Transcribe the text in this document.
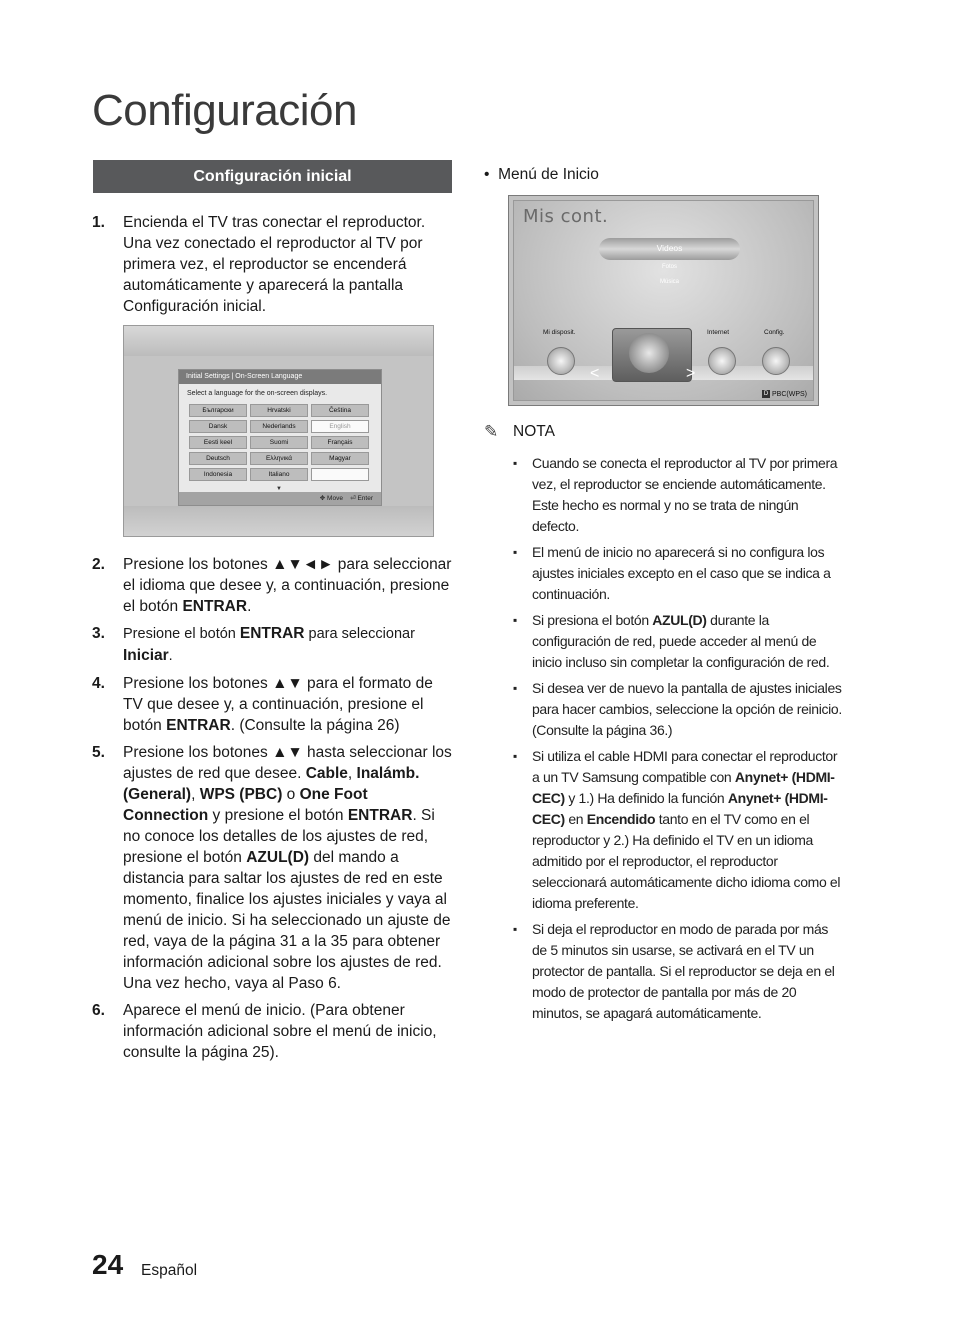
Configuración
Configuración inicial
1.	Encienda el TV tras conectar el reproductor. Una vez conectado el reproductor al TV por primera vez, el reproductor se encenderá automáticamente y aparecerá la pantalla Configuración inicial.
Initial Settings | On-Screen Language
Select a language for the on-screen displays.
Български	Hrvatski	Čeština
Dansk	Nederlands	English
Eesti keel	Suomi	Français
Deutsch	Ελληνικά	Magyar
Indonesia	Italiano
▼
✥ Move ⏎ Enter
2.	Presione los botones ▲▼◄► para seleccionar el idioma que desee y, a continuación, presione el botón ENTRAR.
3.	Presione el botón ENTRAR para seleccionar Iniciar.
4.	Presione los botones ▲▼ para el formato de TV que desee y, a continuación, presione el botón ENTRAR. (Consulte la página 26)
5.	Presione los botones ▲▼ hasta seleccionar los ajustes de red que desee. Cable, Inalámb. (General), WPS (PBC) o One Foot Connection y presione el botón ENTRAR. Si no conoce los detalles de los ajustes de red, presione el botón AZUL(D) del mando a distancia para saltar los ajustes de red en este momento, finalice los ajustes iniciales y vaya al menú de inicio. Si ha seleccionado un ajuste de red, vaya de la página 31 a la 35 para obtener información adicional sobre los ajustes de red. Una vez hecho, vaya al Paso 6.
6.	Aparece el menú de inicio. (Para obtener información adicional sobre el menú de inicio, consulte la página 25).
• Menú de Inicio
Mis cont.
Videos
Fotos
Música
Mi disposit.	Internet	Config.
<	>
D PBC(WPS)
✎ NOTA
▪	Cuando se conecta el reproductor al TV por primera vez, el reproductor se enciende automáticamente. Este hecho es normal y no se trata de ningún defecto.
▪	El menú de inicio no aparecerá si no configura los ajustes iniciales excepto en el caso que se indica a continuación.
▪	Si presiona el botón AZUL(D) durante la configuración de red, puede acceder al menú de inicio incluso sin completar la configuración de red.
▪	Si desea ver de nuevo la pantalla de ajustes iniciales para hacer cambios, seleccione la opción de reinicio. (Consulte la página 36.)
▪	Si utiliza el cable HDMI para conectar el reproductor a un TV Samsung compatible con Anynet+ (HDMI-CEC) y 1.) Ha definido la función Anynet+ (HDMI-CEC) en Encendido tanto en el TV como en el reproductor y 2.) Ha definido el TV en un idioma admitido por el reproductor, el reproductor seleccionará automáticamente dicho idioma como el idioma preferente.
▪	Si deja el reproductor en modo de parada por más de 5 minutos sin usarse, se activará en el TV un protector de pantalla. Si el reproductor se deja en el modo de protector de pantalla por más de 20 minutos, se apagará automáticamente.
24 Español
